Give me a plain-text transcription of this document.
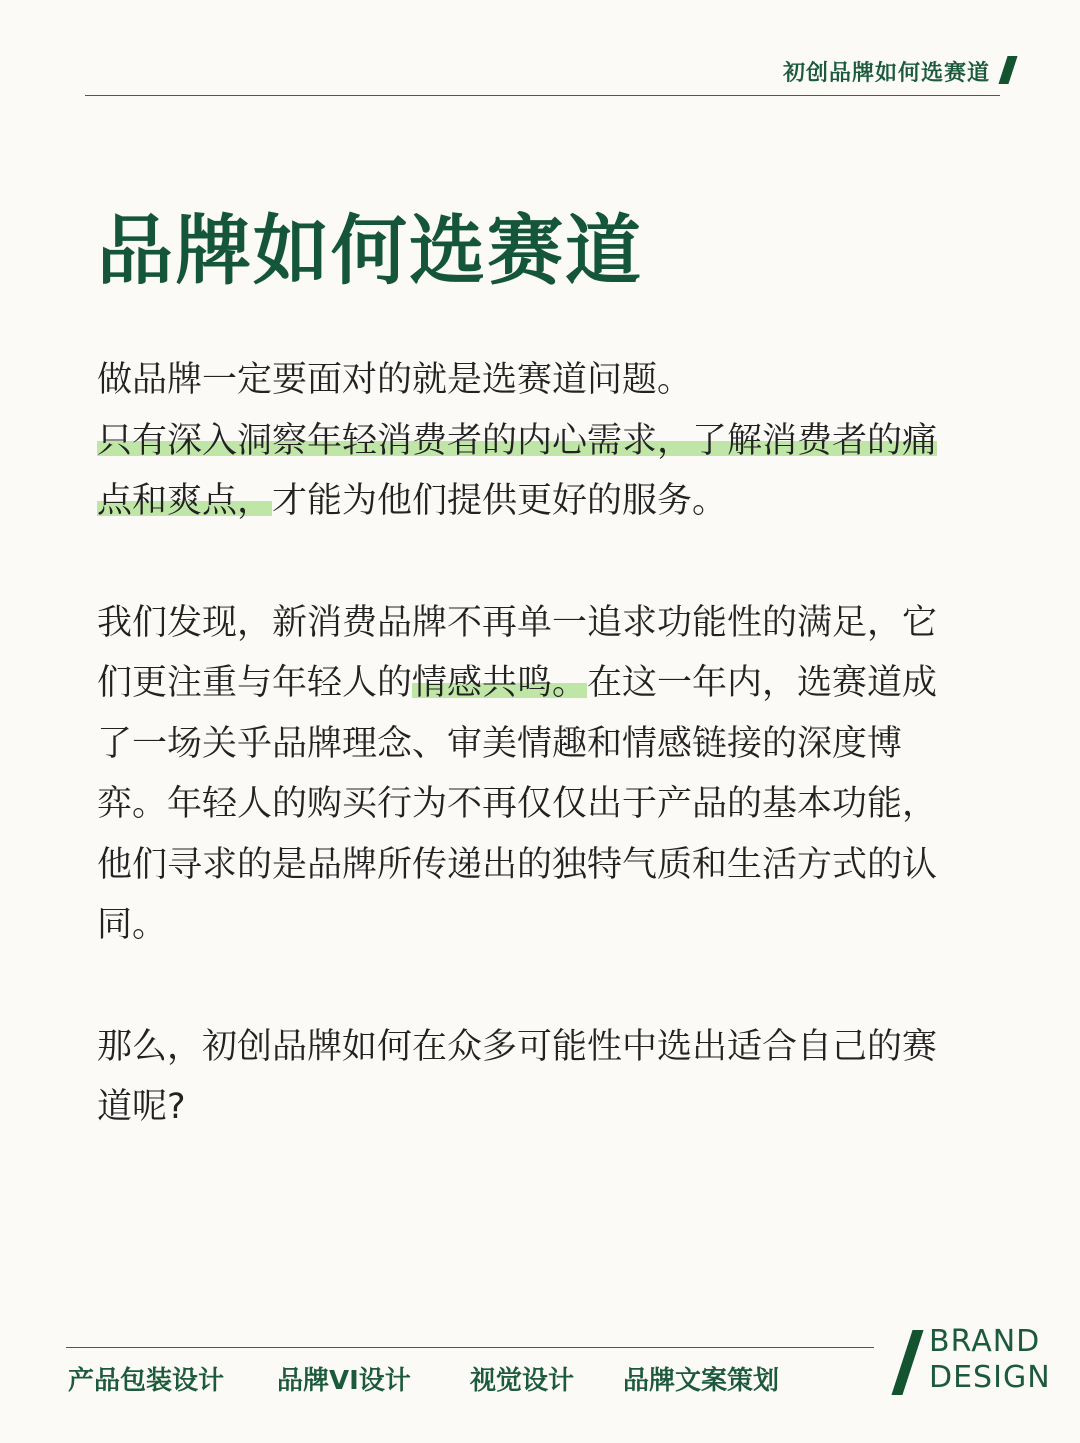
初创品牌如何选赛道
品牌如何选赛道

做品牌一定要面对的就是选赛道问题。
只有深入洞察年轻消费者的内心需求，了解消费者的痛点和爽点，才能为他们提供更好的服务。

我们发现，新消费品牌不再单一追求功能性的满足，它们更注重与年轻人的情感共鸣。在这一年内，选赛道成了一场关乎品牌理念、审美情趣和情感链接的深度博弈。年轻人的购买行为不再仅仅出于产品的基本功能，他们寻求的是品牌所传递出的独特气质和生活方式的认同。

那么，初创品牌如何在众多可能性中选出适合自己的赛道呢?

产品包装设计 品牌VI设计 视觉设计 品牌文案策划
BRAND
DESIGN
